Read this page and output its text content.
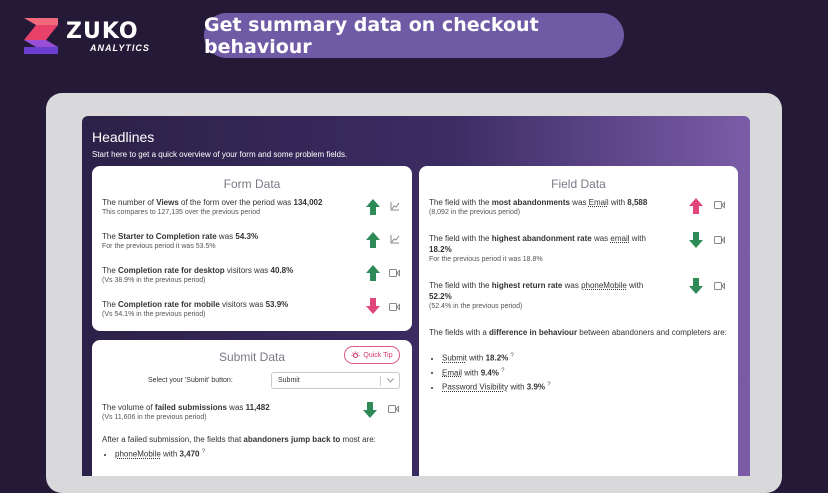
ZUKO
ANALYTICS
Get summary data on checkout behaviour
Headlines
Start here to get a quick overview of your form and some problem fields.
Form Data
The number of Views of the form over the period was 134,002
This compares to 127,135 over the previous period
The Starter to Completion rate was 54.3%
For the previous period it was 53.5%
The Completion rate for desktop visitors was 40.8%
(Vs 38.9% in the previous period)
The Completion rate for mobile visitors was 53.9%
(Vs 54.1% in the previous period)
Submit Data	Quick Tip
Select your 'Submit' button:	Submit
The volume of failed submissions was 11,482
(Vs 11,606 in the previous period)
After a failed submission, the fields that abandoners jump back to most are:
• phoneMobile with 3,470 ?
Field Data
The field with the most abandonments was Email with 8,588
(8,092 in the previous period)
The field with the highest abandonment rate was email with
18.2%
For the previous period it was 18.8%
The field with the highest return rate was phoneMobile with
52.2%
(52.4% in the previous period)
The fields with a difference in behaviour between abandoners and completers are:
• Submit with 18.2% ?
• Email with 9.4% ?
• Password Visibility with 3.9% ?
